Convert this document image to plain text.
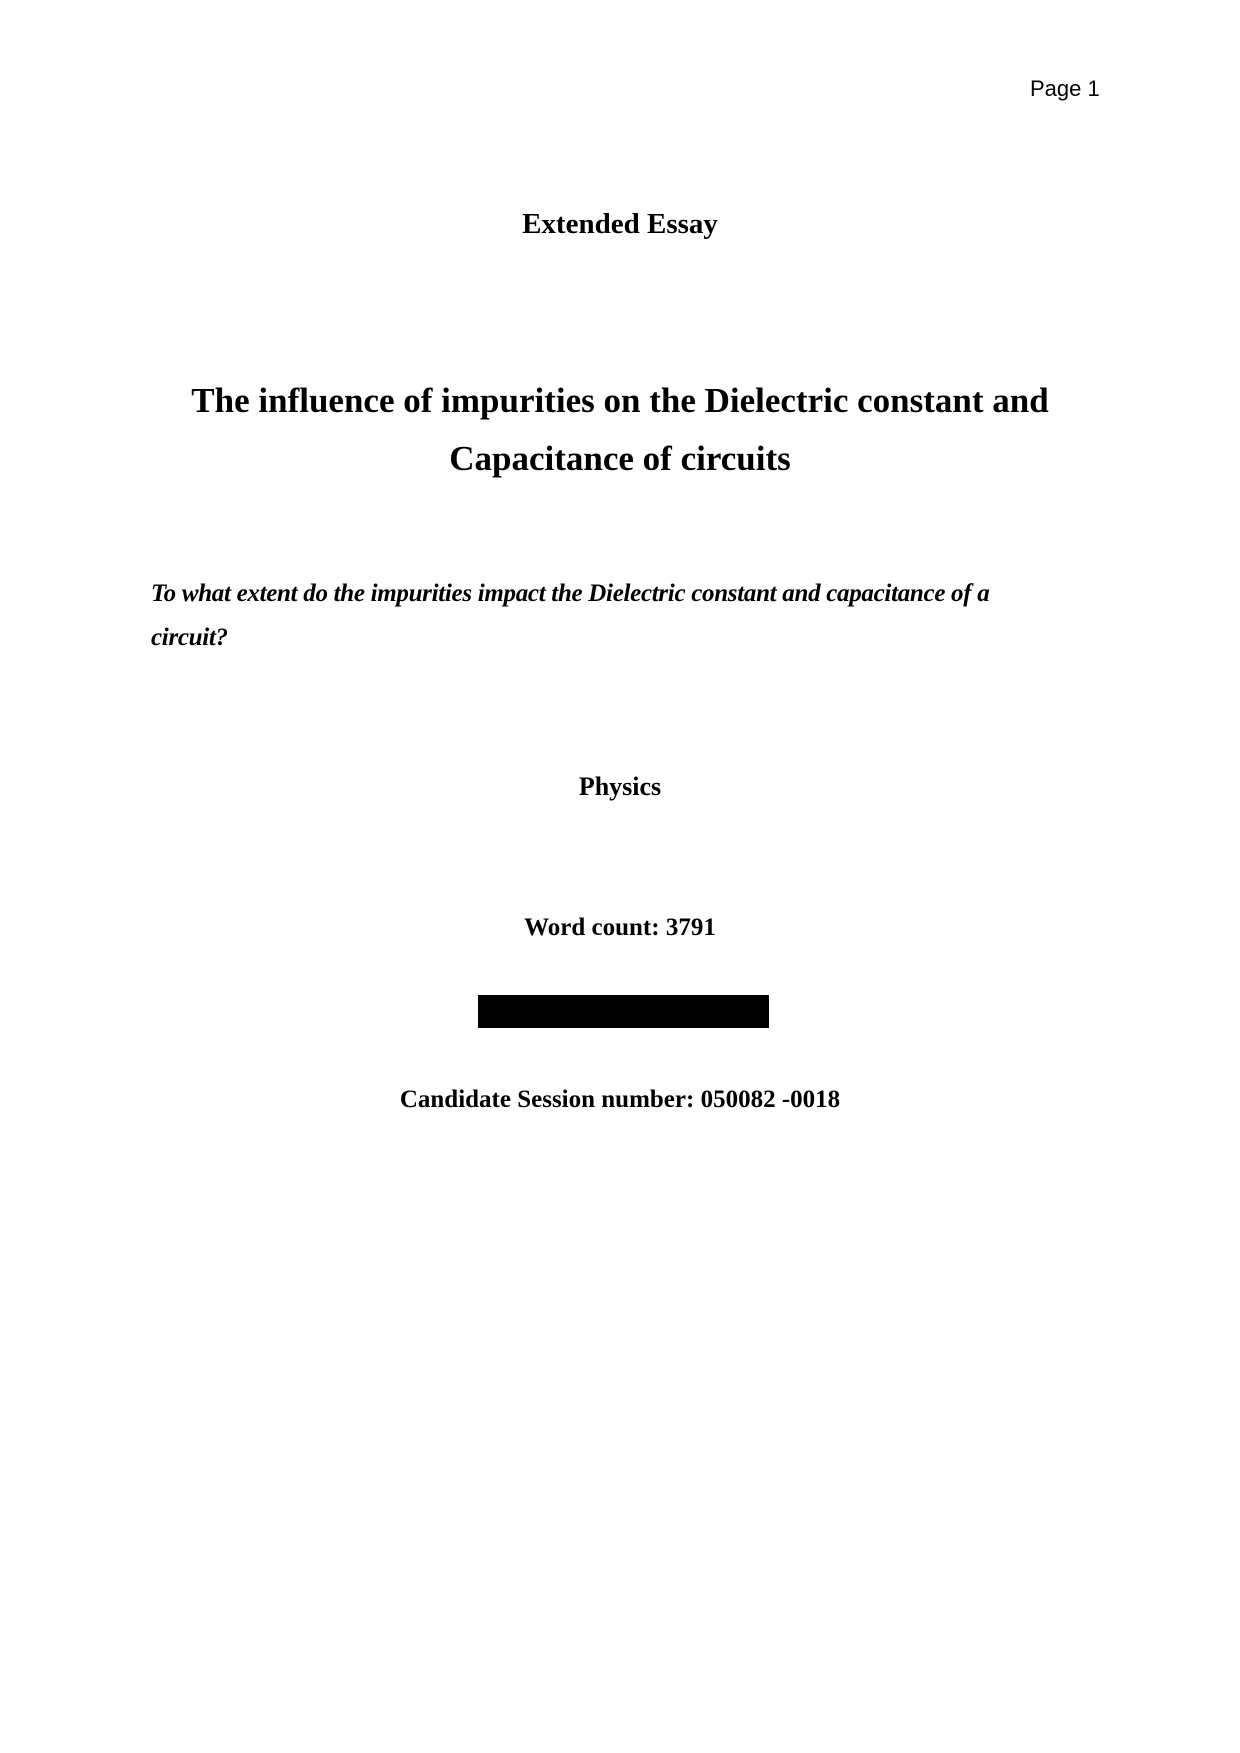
Page 1
Extended Essay
The influence of impurities on the Dielectric constant and
Capacitance of circuits
To what extent do the impurities impact the Dielectric constant and capacitance of a
circuit?
Physics
Word count: 3791
Candidate Session number: 050082 -0018
